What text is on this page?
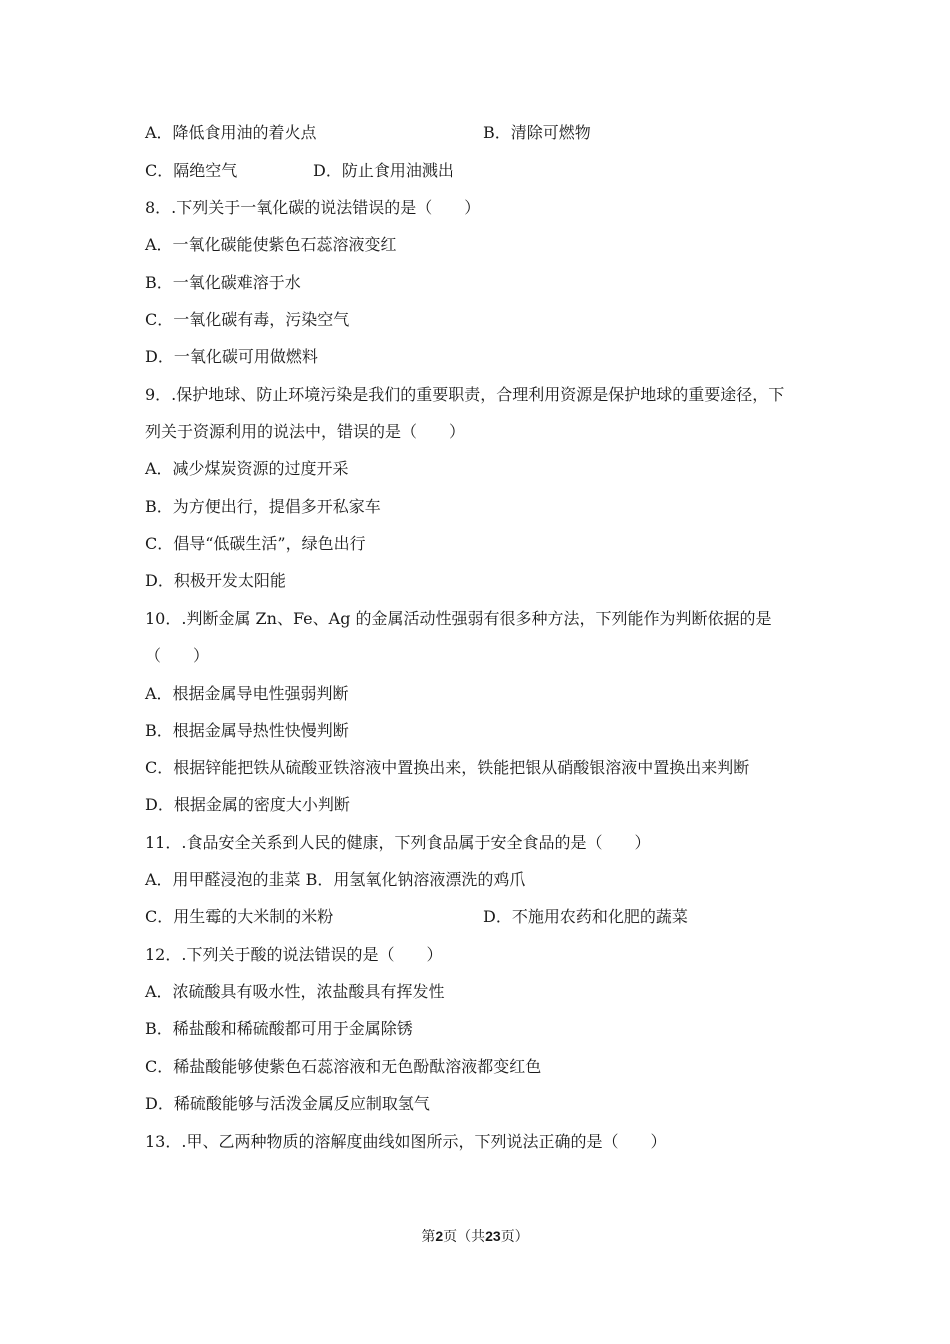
A．降低食用油的着火点	B．清除可燃物
C．隔绝空气	D．防止食用油溅出
8．.下列关于一氧化碳的说法错误的是（　　）
A．一氧化碳能使紫色石蕊溶液变红
B．一氧化碳难溶于水
C．一氧化碳有毒，污染空气
D．一氧化碳可用做燃料
9．.保护地球、防止环境污染是我们的重要职责，合理利用资源是保护地球的重要途径，下
列关于资源利用的说法中，错误的是（　　）
A．减少煤炭资源的过度开采
B．为方便出行，提倡多开私家车
C．倡导“低碳生活”，绿色出行
D．积极开发太阳能
10．.判断金属 Zn、Fe、Ag 的金属活动性强弱有很多种方法，下列能作为判断依据的是
（　　）
A．根据金属导电性强弱判断
B．根据金属导热性快慢判断
C．根据锌能把铁从硫酸亚铁溶液中置换出来，铁能把银从硝酸银溶液中置换出来判断
D．根据金属的密度大小判断
11．.食品安全关系到人民的健康，下列食品属于安全食品的是（　　）
A．用甲醛浸泡的韭菜 B．用氢氧化钠溶液漂洗的鸡爪
C．用生霉的大米制的米粉	D．不施用农药和化肥的蔬菜
12．.下列关于酸的说法错误的是（　　）
A．浓硫酸具有吸水性，浓盐酸具有挥发性
B．稀盐酸和稀硫酸都可用于金属除锈
C．稀盐酸能够使紫色石蕊溶液和无色酚酞溶液都变红色
D．稀硫酸能够与活泼金属反应制取氢气
13．.甲、乙两种物质的溶解度曲线如图所示，下列说法正确的是（　　）
第2页（共23页）
